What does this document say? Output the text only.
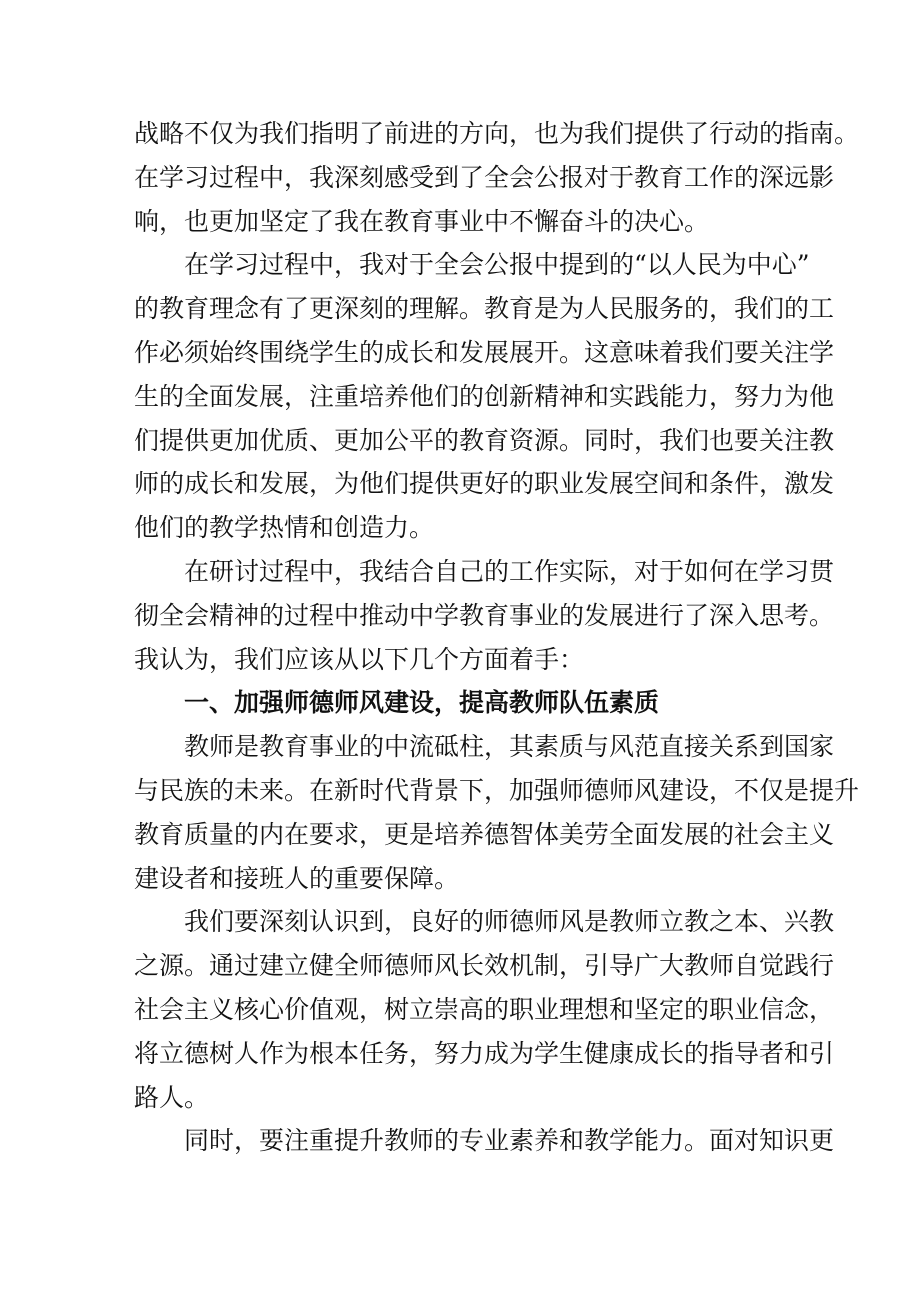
战略不仅为我们指明了前进的方向，也为我们提供了行动的指南。
在学习过程中，我深刻感受到了全会公报对于教育工作的深远影
响，也更加坚定了我在教育事业中不懈奋斗的决心。
在学习过程中，我对于全会公报中提到的“以人民为中心”
的教育理念有了更深刻的理解。教育是为人民服务的，我们的工
作必须始终围绕学生的成长和发展展开。这意味着我们要关注学
生的全面发展，注重培养他们的创新精神和实践能力，努力为他
们提供更加优质、更加公平的教育资源。同时，我们也要关注教
师的成长和发展，为他们提供更好的职业发展空间和条件，激发
他们的教学热情和创造力。
在研讨过程中，我结合自己的工作实际，对于如何在学习贯
彻全会精神的过程中推动中学教育事业的发展进行了深入思考。
我认为，我们应该从以下几个方面着手：
一、加强师德师风建设，提高教师队伍素质
教师是教育事业的中流砥柱，其素质与风范直接关系到国家
与民族的未来。在新时代背景下，加强师德师风建设，不仅是提升
教育质量的内在要求，更是培养德智体美劳全面发展的社会主义
建设者和接班人的重要保障。
我们要深刻认识到，良好的师德师风是教师立教之本、兴教
之源。通过建立健全师德师风长效机制，引导广大教师自觉践行
社会主义核心价值观，树立崇高的职业理想和坚定的职业信念，
将立德树人作为根本任务，努力成为学生健康成长的指导者和引
路人。
同时，要注重提升教师的专业素养和教学能力。面对知识更
